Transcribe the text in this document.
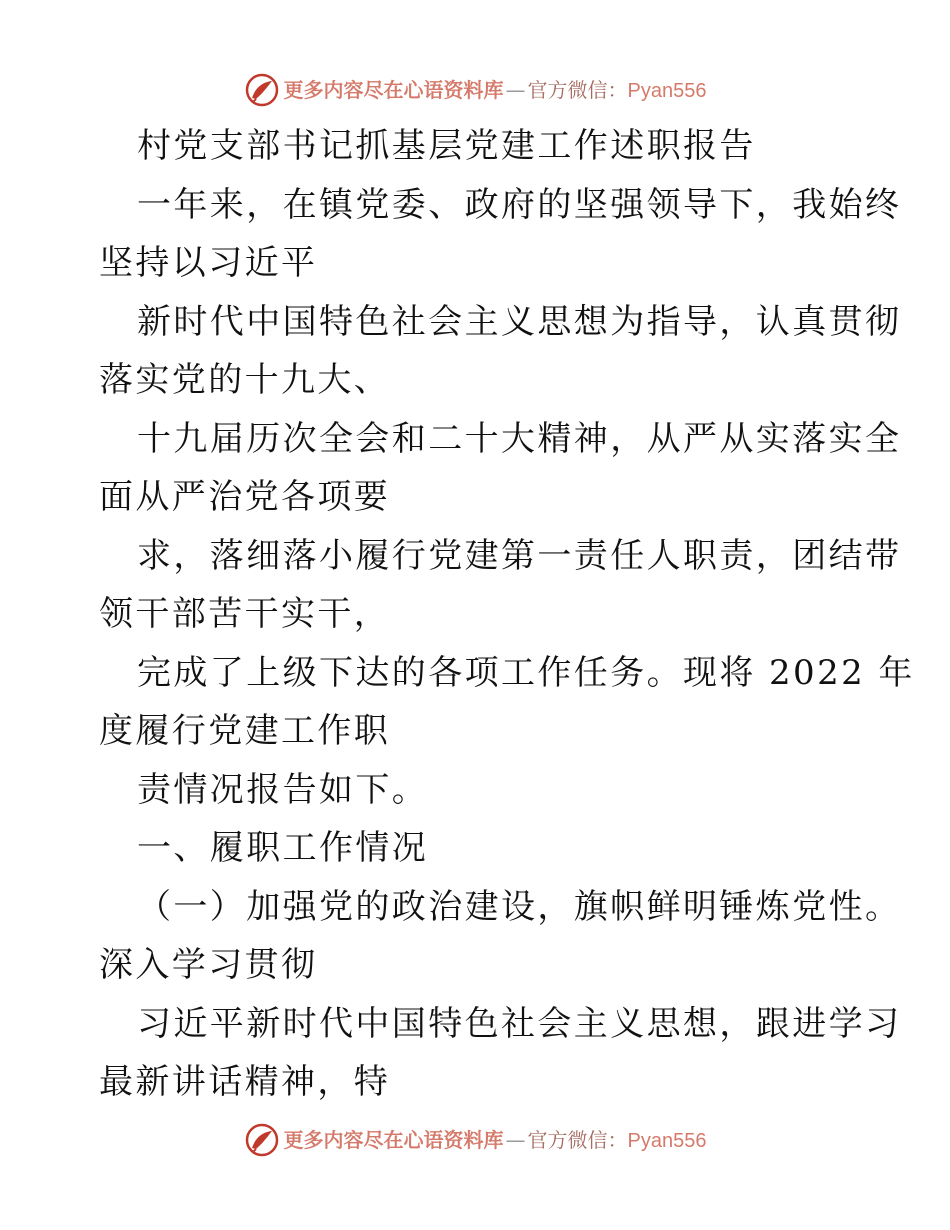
更多内容尽在心语资料库 — 官方微信： Pyan556
村党支部书记抓基层党建工作述职报告
一年来，在镇党委、政府的坚强领导下，我始终
坚持以习近平
新时代中国特色社会主义思想为指导，认真贯彻
落实党的十九大、
十九届历次全会和二十大精神，从严从实落实全
面从严治党各项要
求，落细落小履行党建第一责任人职责，团结带
领干部苦干实干，
完成了上级下达的各项工作任务。现将 2022 年
度履行党建工作职
责情况报告如下。
一、履职工作情况
（一）加强党的政治建设，旗帜鲜明锤炼党性。
深入学习贯彻
习近平新时代中国特色社会主义思想，跟进学习
最新讲话精神，特
更多内容尽在心语资料库 — 官方微信： Pyan556
